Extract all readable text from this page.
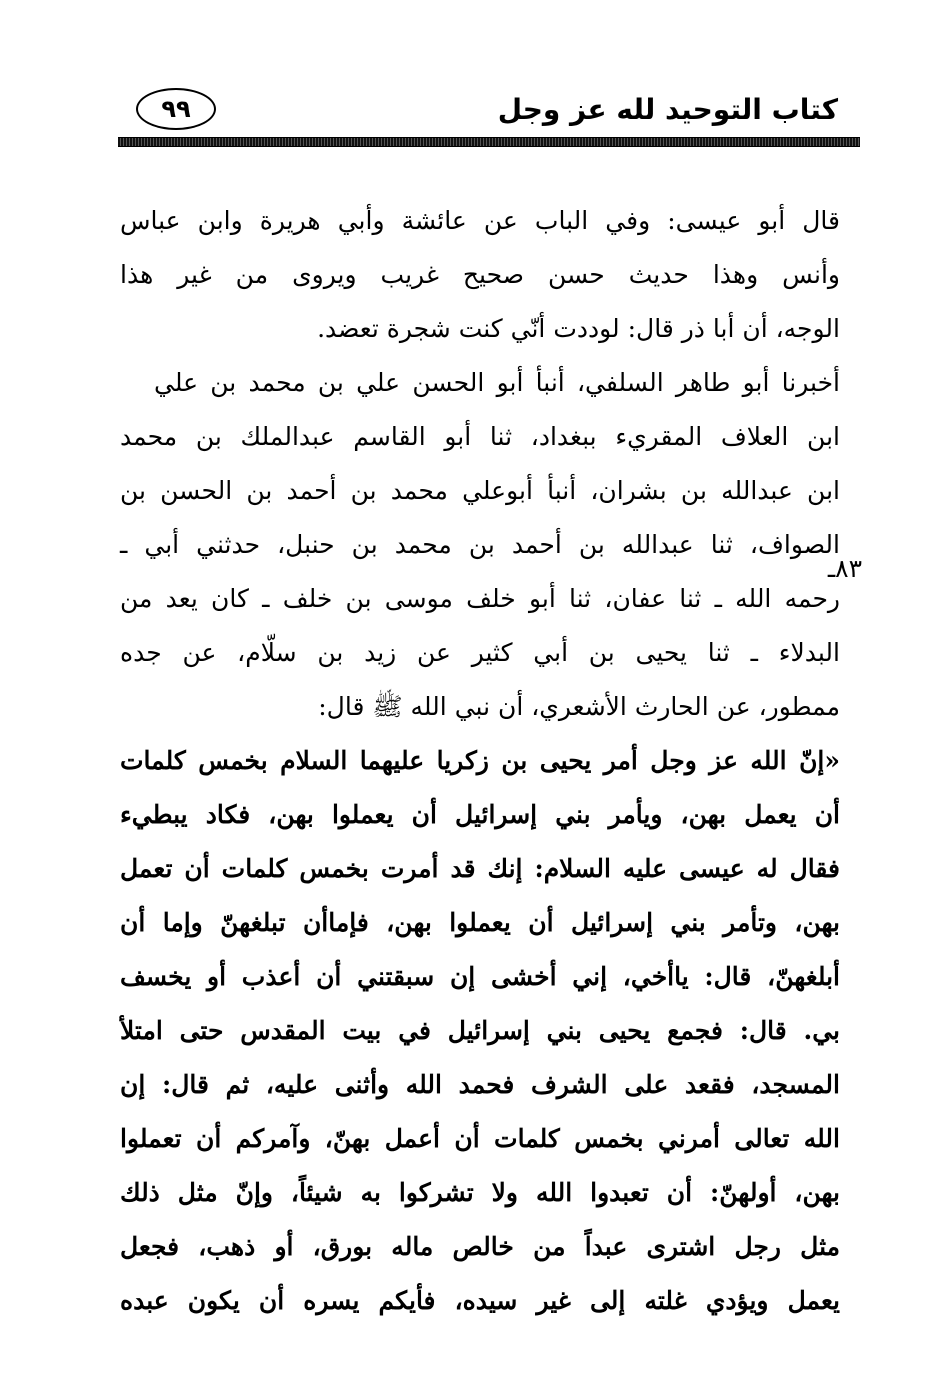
كتاب التوحيد لله عز وجل
٩٩
قال أبو عيسى: وفي الباب عن عائشة وأبي هريرة وابن عباس
وأنس وهذا حديث حسن صحيح غريب ويروى من غير هذا
الوجه، أن أبا ذر قال: لوددت أنّي كنت شجرة تعضد.
٨٣ـ
أخبرنا أبو طاهر السلفي، أنبأ أبو الحسن علي بن محمد بن علي
ابن العلاف المقريء ببغداد، ثنا أبو القاسم عبدالملك بن محمد
ابن عبدالله بن بشران، أنبأ أبوعلي محمد بن أحمد بن الحسن بن
الصواف، ثنا عبدالله بن أحمد بن محمد بن حنبل، حدثني أبي ـ
رحمه الله ـ ثنا عفان، ثنا أبو خلف موسى بن خلف ـ كان يعد من
البدلاء ـ ثنا يحيى بن أبي كثير عن زيد بن سلّام، عن جده
ممطور، عن الحارث الأشعري، أن نبي الله ﷺ قال:
«إنّ الله عز وجل أمر يحيى بن زكريا عليهما السلام بخمس كلمات
أن يعمل بهن، ويأمر بني إسرائيل أن يعملوا بهن، فكاد يبطيء
فقال له عيسى عليه السلام: إنك قد أمرت بخمس كلمات أن تعمل
بهن، وتأمر بني إسرائيل أن يعملوا بهن، فإماأن تبلغهنّ وإما أن
أبلغهنّ، قال: ياأخي، إني أخشى إن سبقتني أن أعذب أو يخسف
بي. قال: فجمع يحيى بني إسرائيل في بيت المقدس حتى امتلأ
المسجد، فقعد على الشرف فحمد الله وأثنى عليه، ثم قال: إن
الله تعالى أمرني بخمس كلمات أن أعمل بهنّ، وآمركم أن تعملوا
بهن، أولهنّ: أن تعبدوا الله ولا تشركوا به شيئاً، وإنّ مثل ذلك
مثل رجل اشترى عبداً من خالص ماله بورق، أو ذهب، فجعل
يعمل ويؤدي غلته إلى غير سيده، فأيكم يسره أن يكون عبده
